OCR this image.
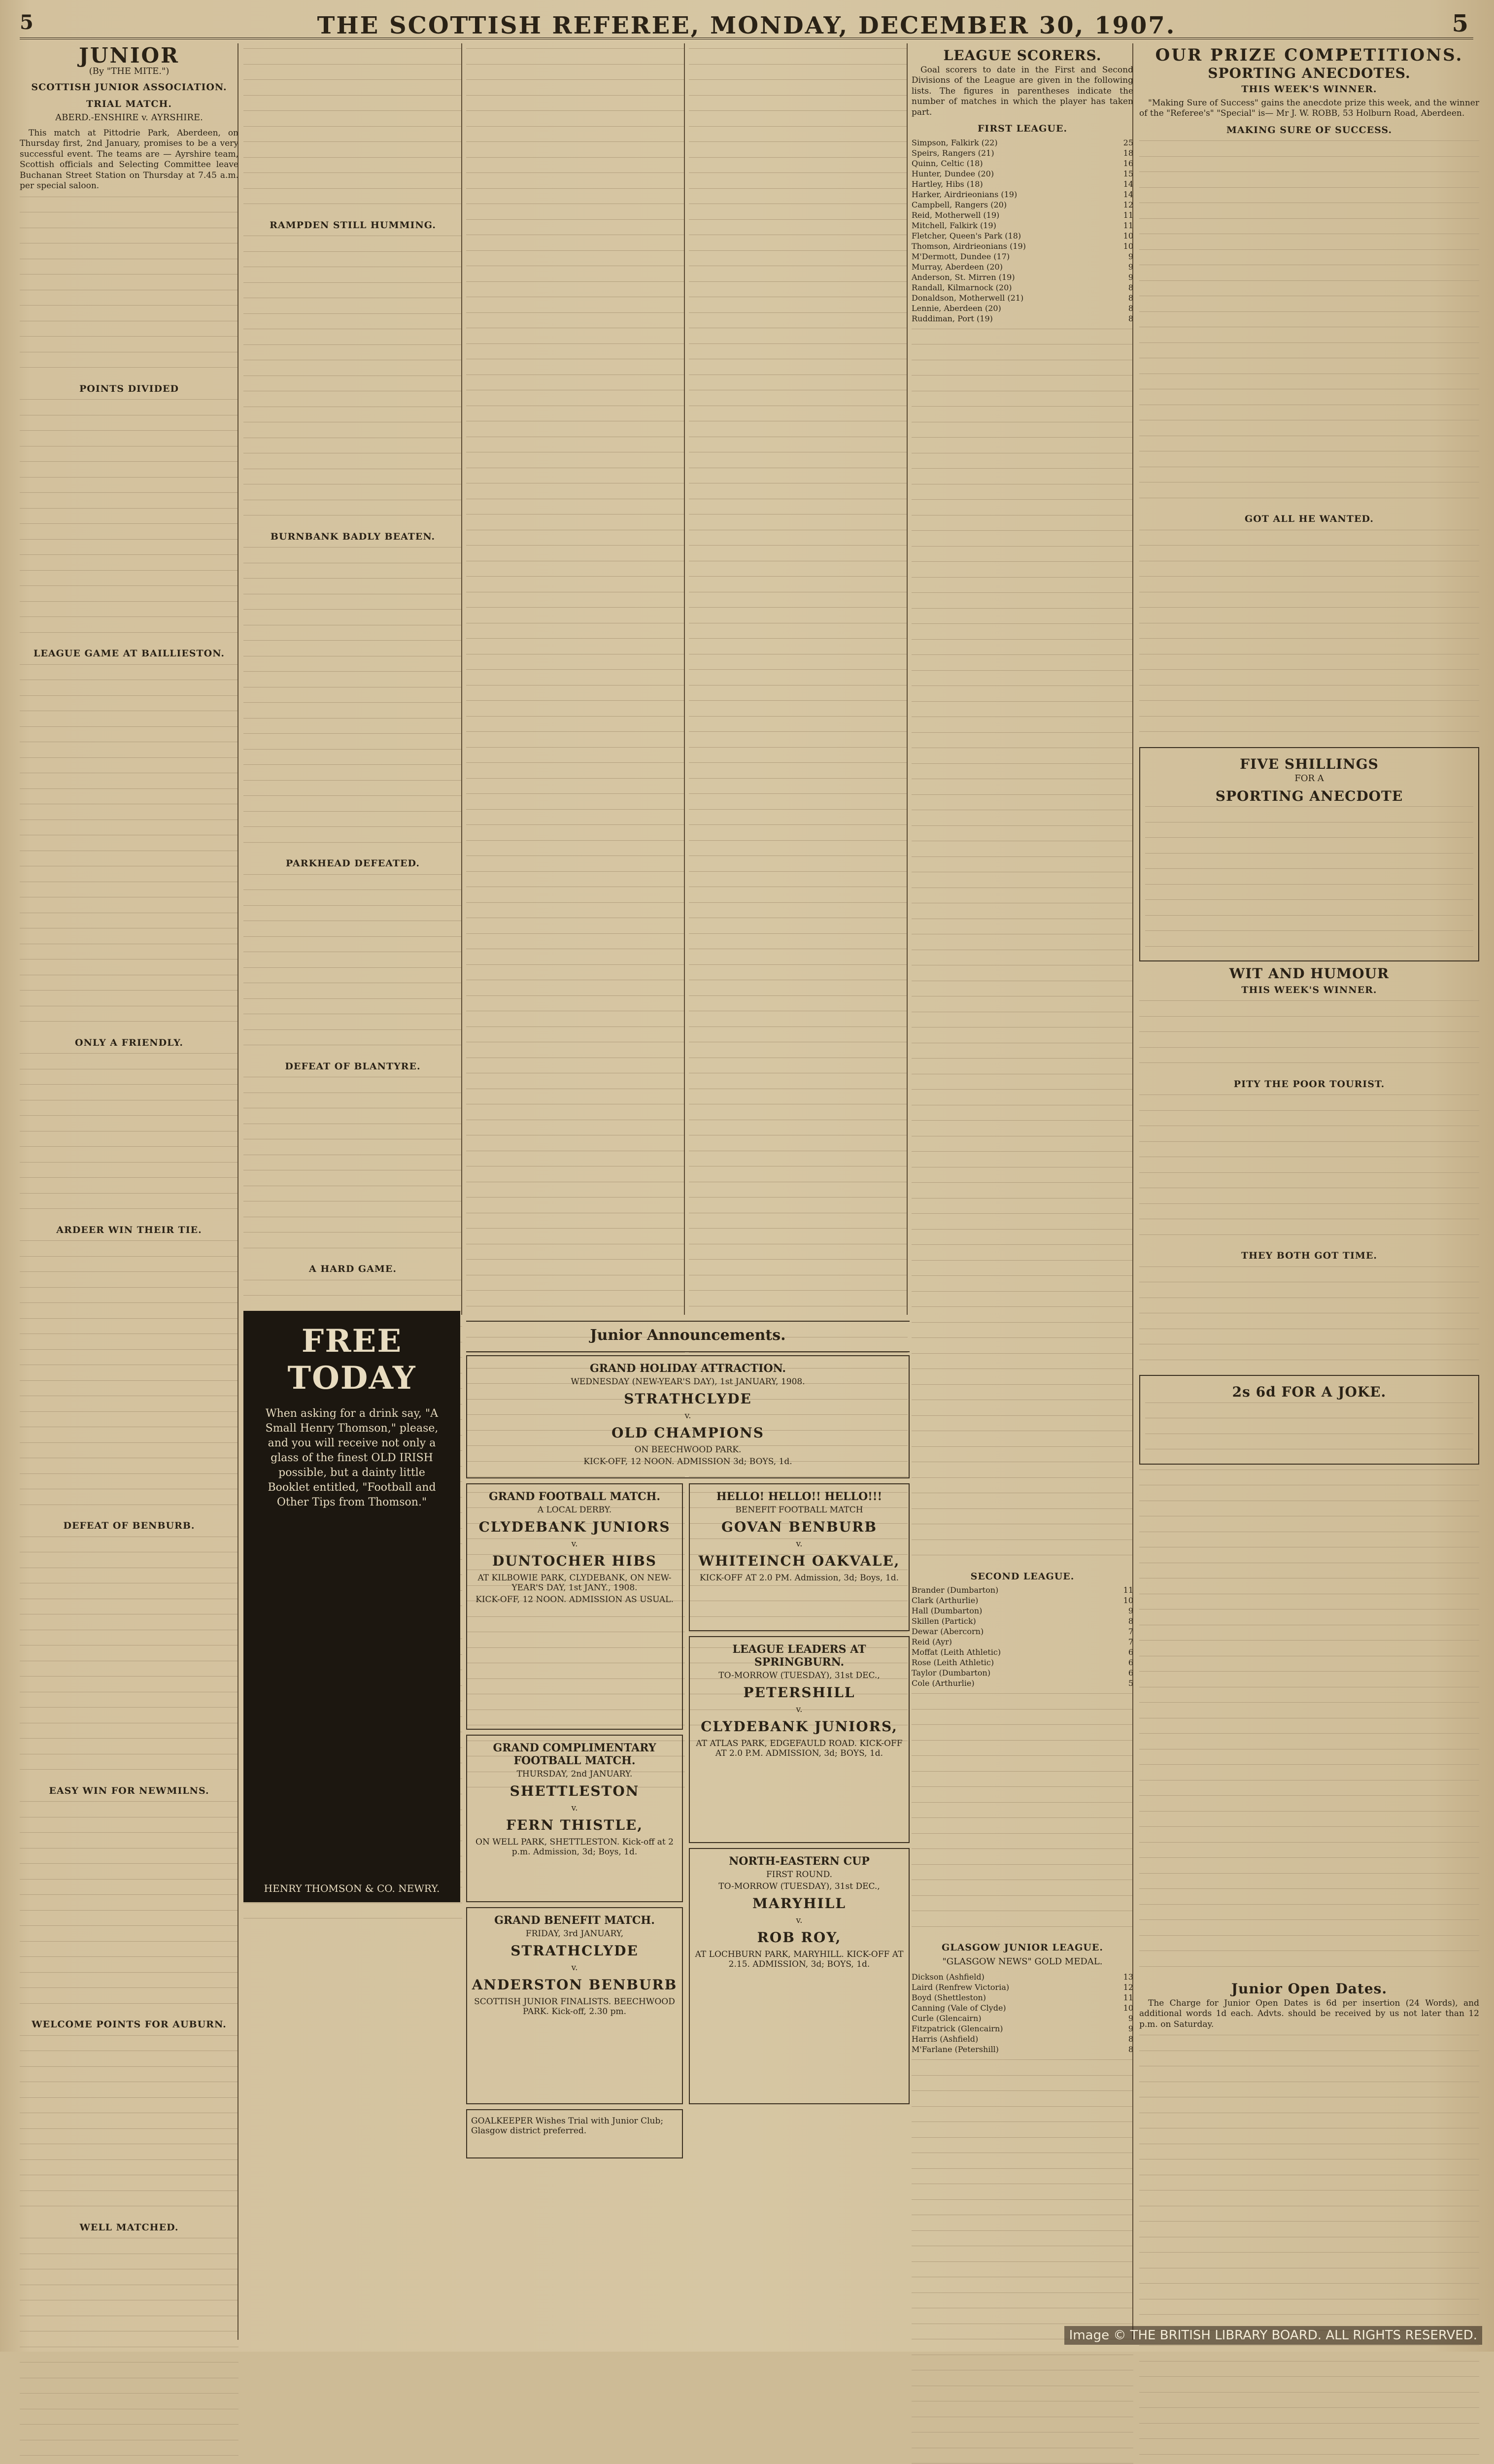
5	THE SCOTTISH REFEREE, MONDAY, DECEMBER 30, 1907.	5
JUNIOR
(By "THE MITE.")
SCOTTISH JUNIOR ASSOCIATION.
TRIAL MATCH.
ABERD.-ENSHIRE v. AYRSHIRE.

This match at Pittodrie Park, Aberdeen, on Thursday first, 2nd January, promises to be a very successful event. The teams are — Ayrshire team, Scottish officials and Selecting Committee leave Buchanan Street Station on Thursday at 7.45 a.m. per special saloon.

POINTS DIVIDED
LEAGUE GAME AT BAILLIESTON.
ONLY A FRIENDLY.
ARDEER WIN THEIR TIE.
DEFEAT OF BENBURB.
EASY WIN FOR NEWMILNS.
WELCOME POINTS FOR AUBURN.
WELL MATCHED.
RAMPDEN STILL HUMMING.
BURNBANK BADLY BEATEN.
PARKHEAD DEFEATED.
DEFEAT OF BLANTYRE.
A HARD GAME.
FREE TODAY
When asking for a drink say, "A Small Henry Thomson," please, and you will receive not only a glass of the finest OLD IRISH possible, but a dainty little Booklet entitled, "Football and Other Tips from Thomson."
HENRY THOMSON & CO. NEWRY.
Junior Announcements.
GRAND HOLIDAY ATTRACTION.
WEDNESDAY (NEW-YEAR'S DAY), 1st JANUARY, 1908.
STRATHCLYDE
v.
OLD CHAMPIONS
ON BEECHWOOD PARK.
KICK-OFF, 12 NOON. ADMISSION 3d; BOYS, 1d.
GRAND FOOTBALL MATCH.
A LOCAL DERBY.
CLYDEBANK JUNIORS
v.
DUNTOCHER HIBS
AT KILBOWIE PARK, CLYDEBANK, ON NEW-YEAR'S DAY, 1st JANY., 1908.
KICK-OFF, 12 NOON. ADMISSION AS USUAL.
HELLO! HELLO!! HELLO!!!
BENEFIT FOOTBALL MATCH
GOVAN BENBURB
v.
WHITEINCH OAKVALE,
KICK-OFF AT 2.0 PM. Admission, 3d; Boys, 1d.
GRAND COMPLIMENTARY FOOTBALL MATCH.
THURSDAY, 2nd JANUARY.
SHETTLESTON
v.
FERN THISTLE,
ON WELL PARK, SHETTLESTON. Kick-off at 2 p.m. Admission, 3d; Boys, 1d.
LEAGUE LEADERS AT SPRINGBURN.
TO-MORROW (TUESDAY), 31st DEC.,
PETERSHILL
v.
CLYDEBANK JUNIORS,
AT ATLAS PARK, EDGEFAULD ROAD. KICK-OFF AT 2.0 P.M. ADMISSION, 3d; BOYS, 1d.
GRAND BENEFIT MATCH.
FRIDAY, 3rd JANUARY,
STRATHCLYDE
v.
ANDERSTON BENBURB
SCOTTISH JUNIOR FINALISTS. BEECHWOOD PARK. Kick-off, 2.30 pm.
NORTH-EASTERN CUP
FIRST ROUND.
TO-MORROW (TUESDAY), 31st DEC.,
MARYHILL
v.
ROB ROY,
AT LOCHBURN PARK, MARYHILL. KICK-OFF AT 2.15. ADMISSION, 3d; BOYS, 1d.
GOALKEEPER Wishes Trial with Junior Club; Glasgow district preferred.
LEAGUE SCORERS.

Goal scorers to date in the First and Second Divisions of the League are given in the following lists. The figures in parentheses indicate the number of matches in which the player has taken part.

FIRST LEAGUE.
Simpson, Falkirk (22)	25
Speirs, Rangers (21)	18
Quinn, Celtic (18)	16
Hunter, Dundee (20)	15
Hartley, Hibs (18)	14
Harker, Airdrieonians (19)	14
Campbell, Rangers (20)	12
Reid, Motherwell (19)	11
Mitchell, Falkirk (19)	11
Fletcher, Queen's Park (18)	10
Thomson, Airdrieonians (19)	10
M'Dermott, Dundee (17)	9
Murray, Aberdeen (20)	9
Anderson, St. Mirren (19)	9
Randall, Kilmarnock (20)	8
Donaldson, Motherwell (21)	8
Lennie, Aberdeen (20)	8
Ruddiman, Port (19)	8
SECOND LEAGUE.
Brander (Dumbarton)	11
Clark (Arthurlie)	10
Hall (Dumbarton)	9
Skillen (Partick)	8
Dewar (Abercorn)	7
Reid (Ayr)	7
Moffat (Leith Athletic)	6
Rose (Leith Athletic)	6
Taylor (Dumbarton)	6
Cole (Arthurlie)	5
GLASGOW JUNIOR LEAGUE.
"GLASGOW NEWS" GOLD MEDAL.
Dickson (Ashfield)	13
Laird (Renfrew Victoria)	12
Boyd (Shettleston)	11
Canning (Vale of Clyde)	10
Curle (Glencairn)	9
Fitzpatrick (Glencairn)	9
Harris (Ashfield)	8
M'Farlane (Petershill)	8
OUR PRIZE COMPETITIONS.
SPORTING ANECDOTES.
THIS WEEK'S WINNER.

"Making Sure of Success" gains the anecdote prize this week, and the winner of the "Referee's" "Special" is— Mr J. W. ROBB, 53 Holburn Road, Aberdeen.

MAKING SURE OF SUCCESS.
GOT ALL HE WANTED.
FIVE SHILLINGS
FOR A
SPORTING ANECDOTE
WIT AND HUMOUR
THIS WEEK'S WINNER.
PITY THE POOR TOURIST.
THEY BOTH GOT TIME.
2s 6d FOR A JOKE.
Junior Open Dates.

The Charge for Junior Open Dates is 6d per insertion (24 Words), and additional words 1d each. Advts. should be received by us not later than 12 p.m. on Saturday.

Image © THE BRITISH LIBRARY BOARD. ALL RIGHTS RESERVED.
